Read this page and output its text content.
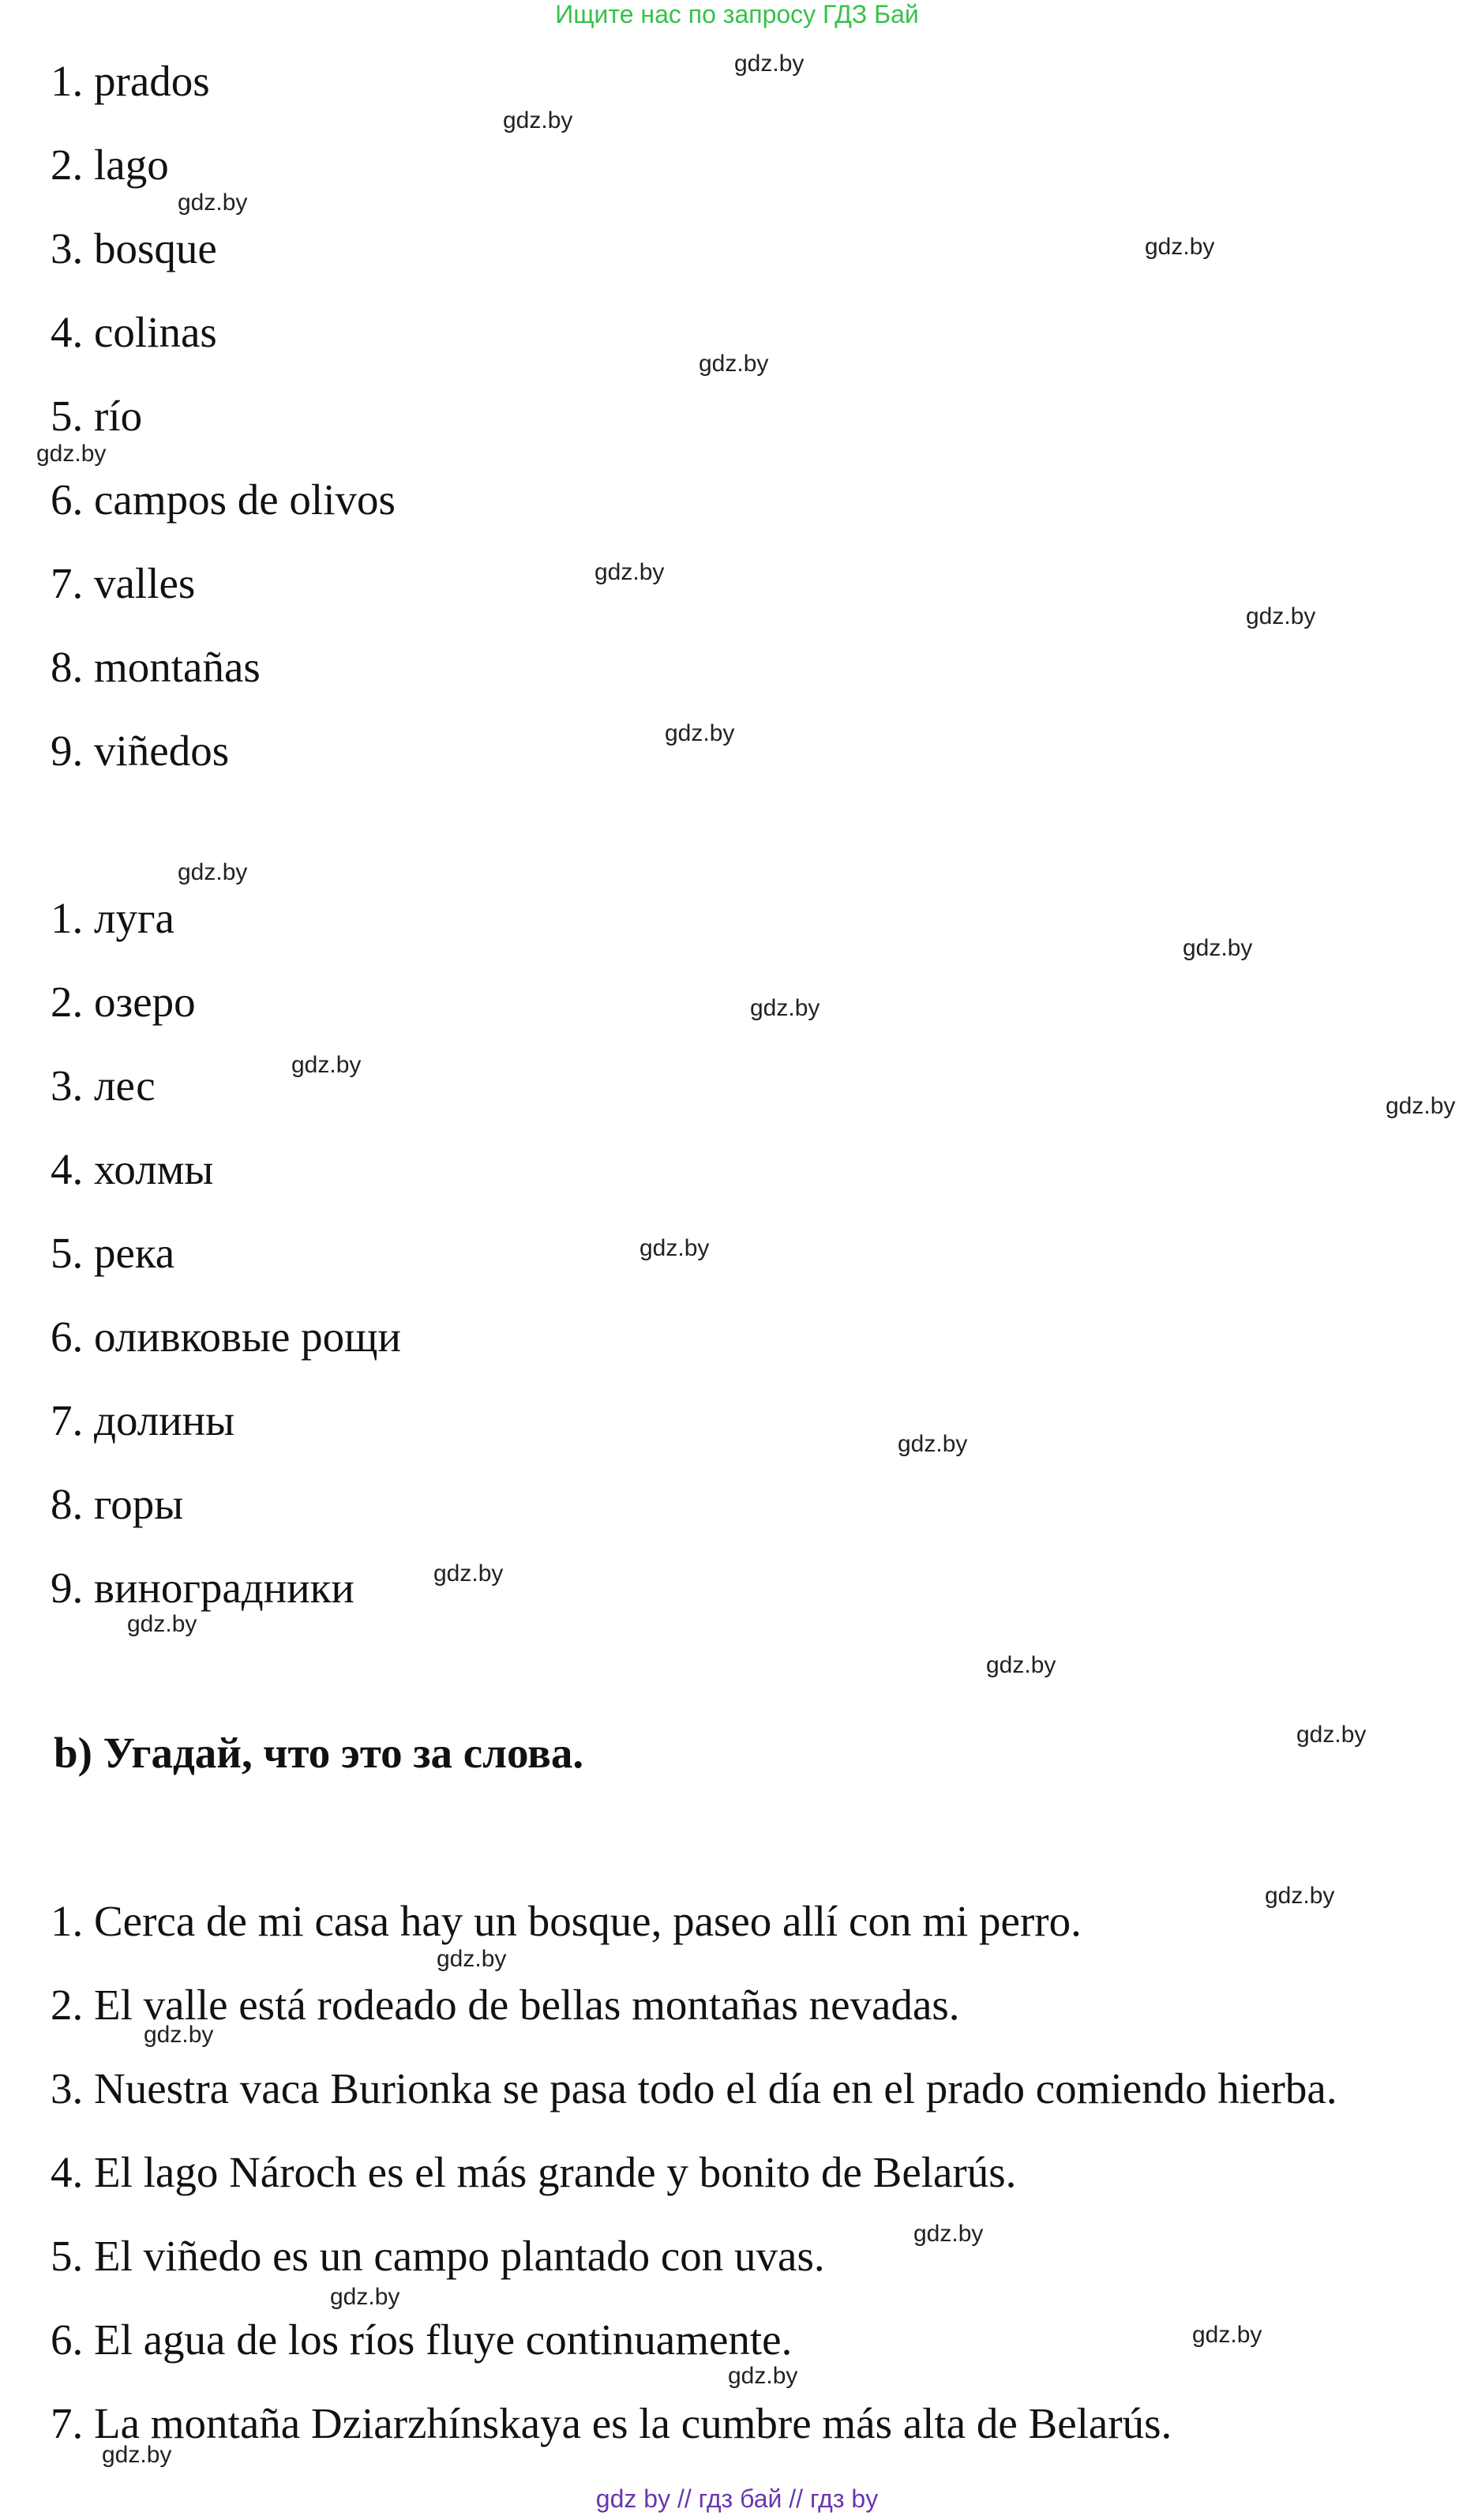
Ищите нас по запросу ГДЗ Бай
1. prados
2. lago
3. bosque
4. colinas
5. río
6. campos de olivos
7. valles
8. montañas
9. viñedos
1. луга
2. озеро
3. лес
4. холмы
5. река
6. оливковые рощи
7. долины
8. горы
9. виноградники
b) Угадай, что это за слова.
1. Cerca de mi casa hay un bosque, paseo allí con mi perro.
2. El valle está rodeado de bellas montañas nevadas.
3. Nuestra vaca Burionka se pasa todo el día en el prado comiendo hierba.
4. El lago Nároch es el más grande y bonito de Belarús.
5. El viñedo es un campo plantado con uvas.
6. El agua de los ríos fluye continuamente.
7. La montaña Dziarzhínskaya es la cumbre más alta de Belarús.
gdz.by
gdz.by
gdz.by
gdz.by
gdz.by
gdz.by
gdz.by
gdz.by
gdz.by
gdz.by
gdz.by
gdz.by
gdz.by
gdz.by
gdz.by
gdz.by
gdz.by
gdz.by
gdz.by
gdz.by
gdz.by
gdz.by
gdz.by
gdz.by
gdz.by
gdz.by
gdz.by
gdz.by
gdz by // гдз бай // гдз by
